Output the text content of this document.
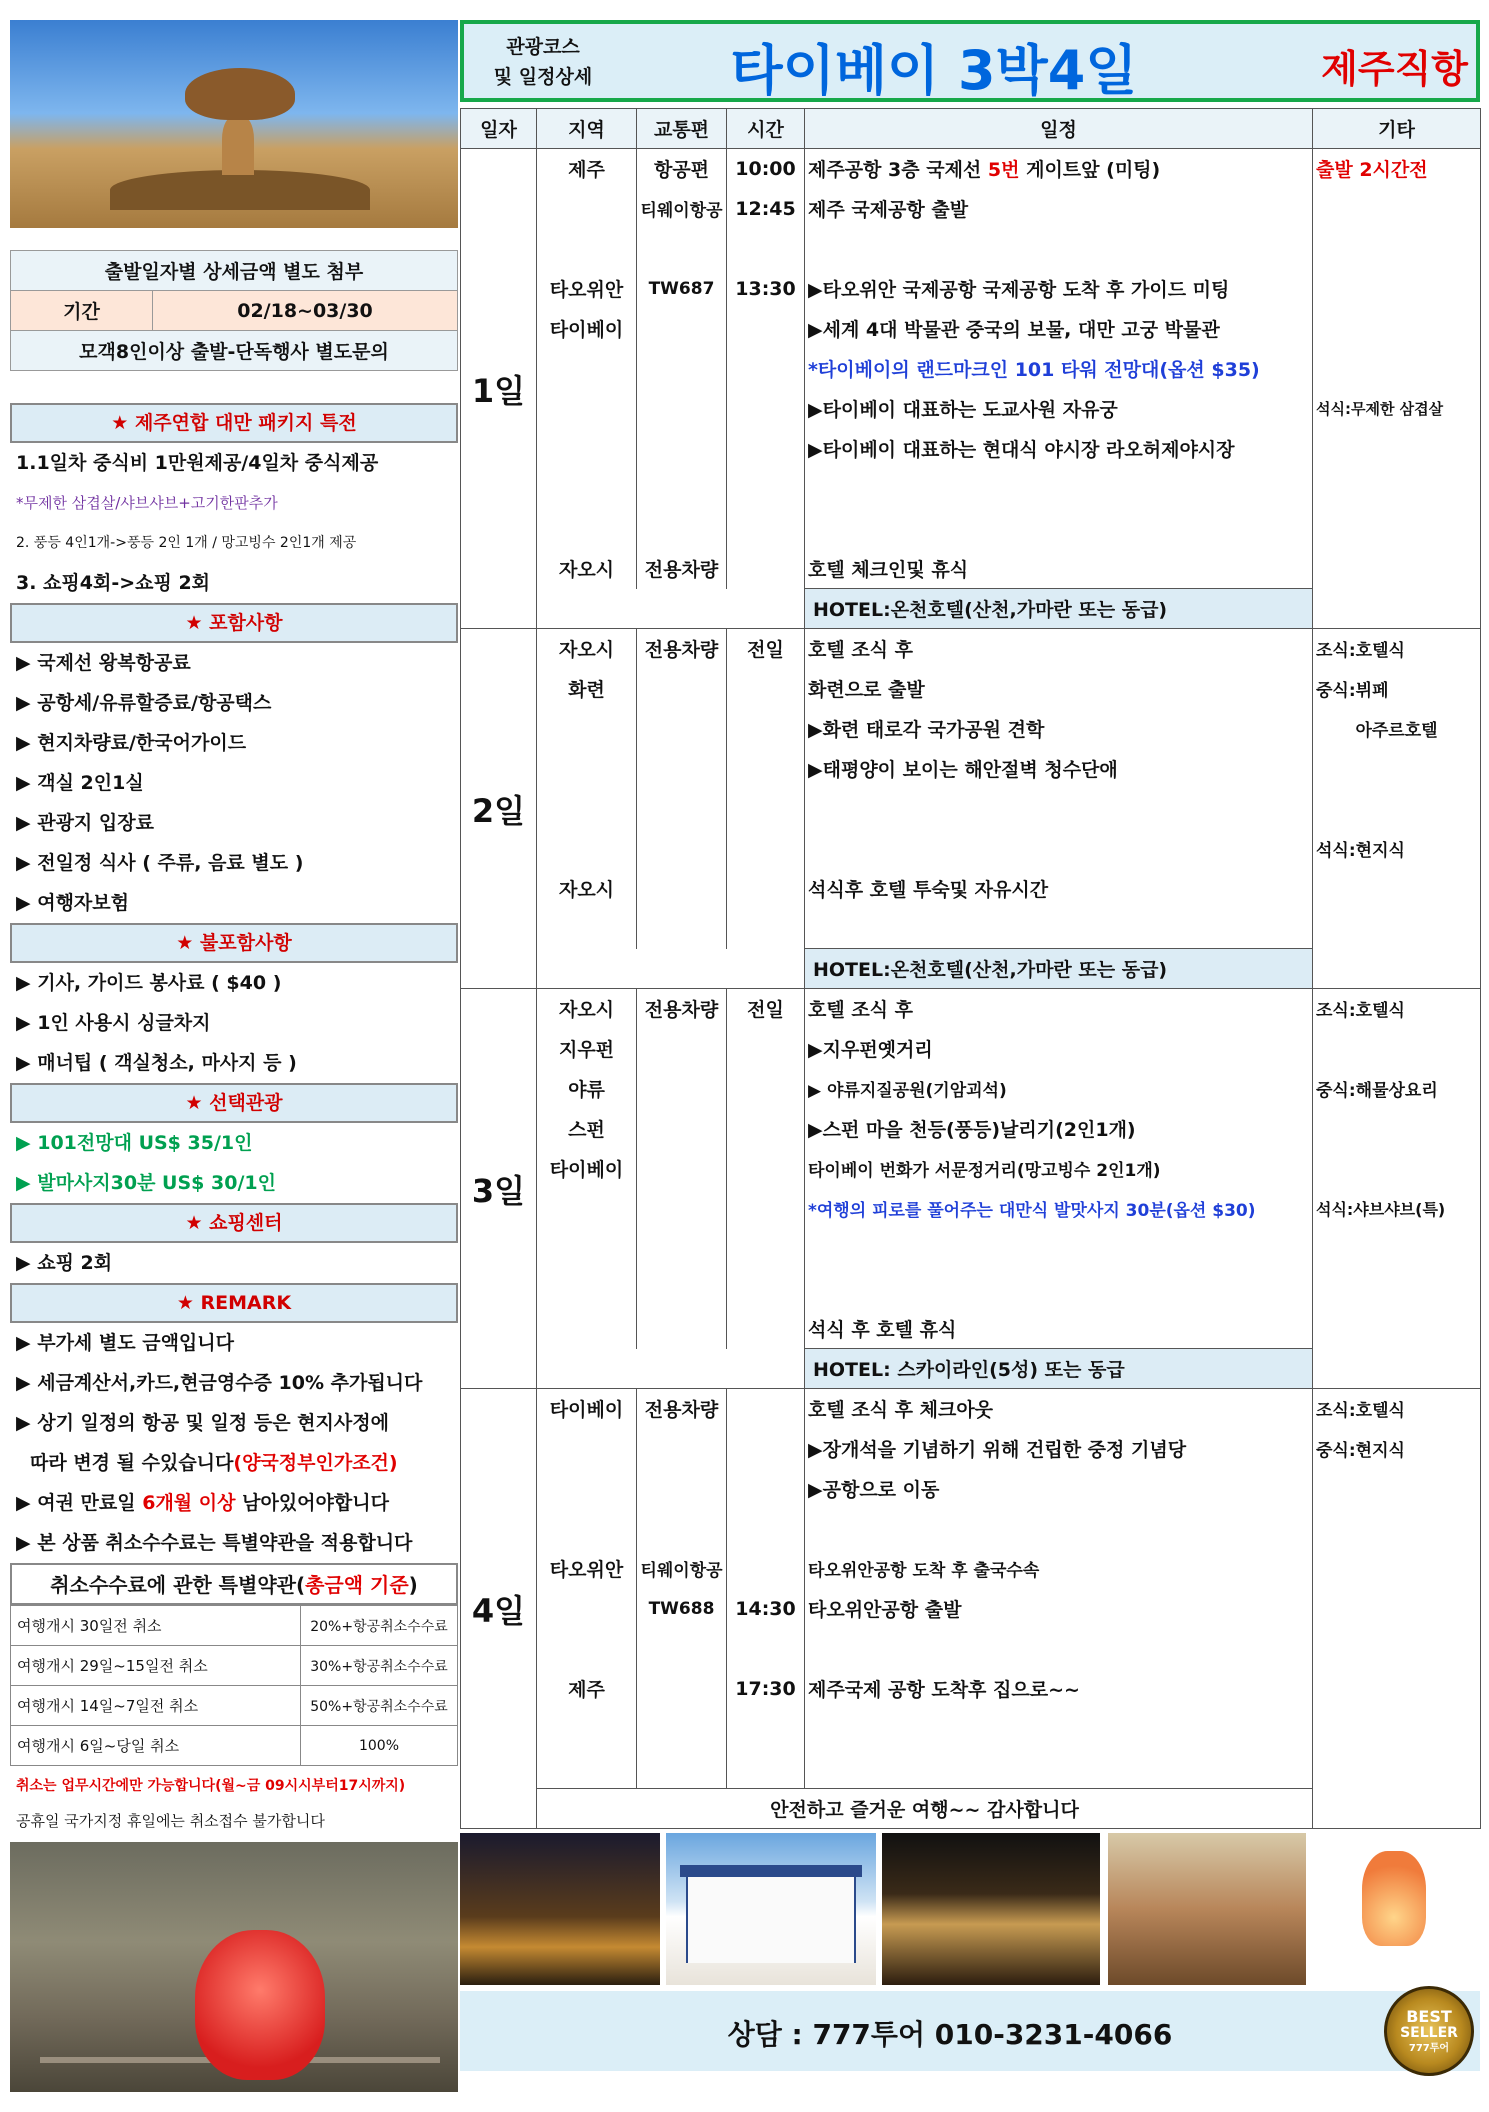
출발일자별 상세금액 별도 첨부
기간	02/18~03/30
모객8인이상 출발-단독행사 별도문의
★ 제주연합 대만 패키지 특전
1.1일차 중식비 1만원제공/4일차 중식제공
*무제한 삼겹살/샤브샤브+고기한판추가
2. 풍등 4인1개->풍등 2인 1개 / 망고빙수 2인1개 제공
3. 쇼핑4회->쇼핑 2회
★ 포함사항
▶ 국제선 왕복항공료
▶ 공항세/유류할증료/항공택스
▶ 현지차량료/한국어가이드
▶ 객실 2인1실
▶ 관광지 입장료
▶ 전일정 식사 ( 주류, 음료 별도 )
▶ 여행자보험
★ 불포함사항
▶ 기사, 가이드 봉사료 ( $40 )
▶ 1인 사용시 싱글차지
▶ 매너팁 ( 객실청소, 마사지 등 )
★ 선택관광
▶ 101전망대 US$ 35/1인
▶ 발마사지30분 US$ 30/1인
★ 쇼핑센터
▶ 쇼핑 2회
★ REMARK
▶ 부가세 별도 금액입니다
▶ 세금계산서,카드,현금영수증 10% 추가됩니다
▶ 상기 일정의 항공 및 일정 등은 현지사정에
따라 변경 될 수있습니다(양국정부인가조건)
▶ 여권 만료일 6개월 이상 남아있어야합니다
▶ 본 상품 취소수수료는 특별약관을 적용합니다
취소수수료에 관한 특별약관(총금액 기준)
여행개시 30일전 취소	20%+항공취소수수료
여행개시 29일~15일전 취소	30%+항공취소수수료
여행개시 14일~7일전 취소	50%+항공취소수수료
여행개시 6일~당일 취소	100%
취소는 업무시간에만 가능합니다(월~금 09시시부터17시까지)
공휴일 국가지정 휴일에는 취소접수 불가합니다
관광코스
및 일정상세	타이베이 3박4일	제주직항
일자	지역	교통편	시간	일정	기타
1일	제주	항공편	10:00	제주공항 3층 국제선 5번 게이트앞 (미팅)	출발 2시간전
		티웨이항공	12:45	제주 국제공항 출발	

	타오위안	TW687	13:30	▶타오위안 국제공항 국제공항 도착 후 가이드 미팅	
	타이베이			▶세계 4대 박물관 중국의 보물, 대만 고궁 박물관	
				*타이베이의 랜드마크인 101 타워 전망대(옵션 $35)	
				▶타이베이 대표하는 도교사원 자유궁	석식:무제한 삼겹살
				▶타이베이 대표하는 현대식 야시장 라오허제야시장	

	자오시	전용차량		호텔 체크인및 휴식	
				HOTEL:온천호텔(산천,가마란 또는 동급)	
2일	자오시	전용차량	전일	호텔 조식 후	조식:호텔식
	화련			화련으로 출발	중식:뷔페
				▶화련 태로각 국가공원 견학	아주르호텔
				▶태평양이 보이는 해안절벽 청수단애	

					석식:현지식
	자오시			석식후 호텔 투숙및 자유시간	

				HOTEL:온천호텔(산천,가마란 또는 동급)	
3일	자오시	전용차량	전일	호텔 조식 후	조식:호텔식
	지우펀			▶지우펀옛거리	
	야류			▶ 야류지질공원(기암괴석)	중식:해물상요리
	스펀			▶스펀 마을 천등(풍등)날리기(2인1개)	
	타이베이			타이베이 번화가 서문정거리(망고빙수 2인1개)	
				*여행의 피로를 풀어주는 대만식 발맛사지 30분(옵션 $30)	석식:샤브샤브(특)

				석식 후 호텔 휴식	
				HOTEL: 스카이라인(5성) 또는 동급	
4일	타이베이	전용차량		호텔 조식 후 체크아웃	조식:호텔식
				▶장개석을 기념하기 위해 건립한 중정 기념당	중식:현지식
				▶공항으로 이동	

	타오위안	티웨이항공		타오위안공항 도착 후 출국수속	
		TW688	14:30	타오위안공항 출발	

	제주		17:30	제주국제 공항 도착후 집으로~~	

	안전하고 즐거운 여행~~ 감사합니다				
상담 : 777투어 010-3231-4066
BEST
SELLER
777투어
